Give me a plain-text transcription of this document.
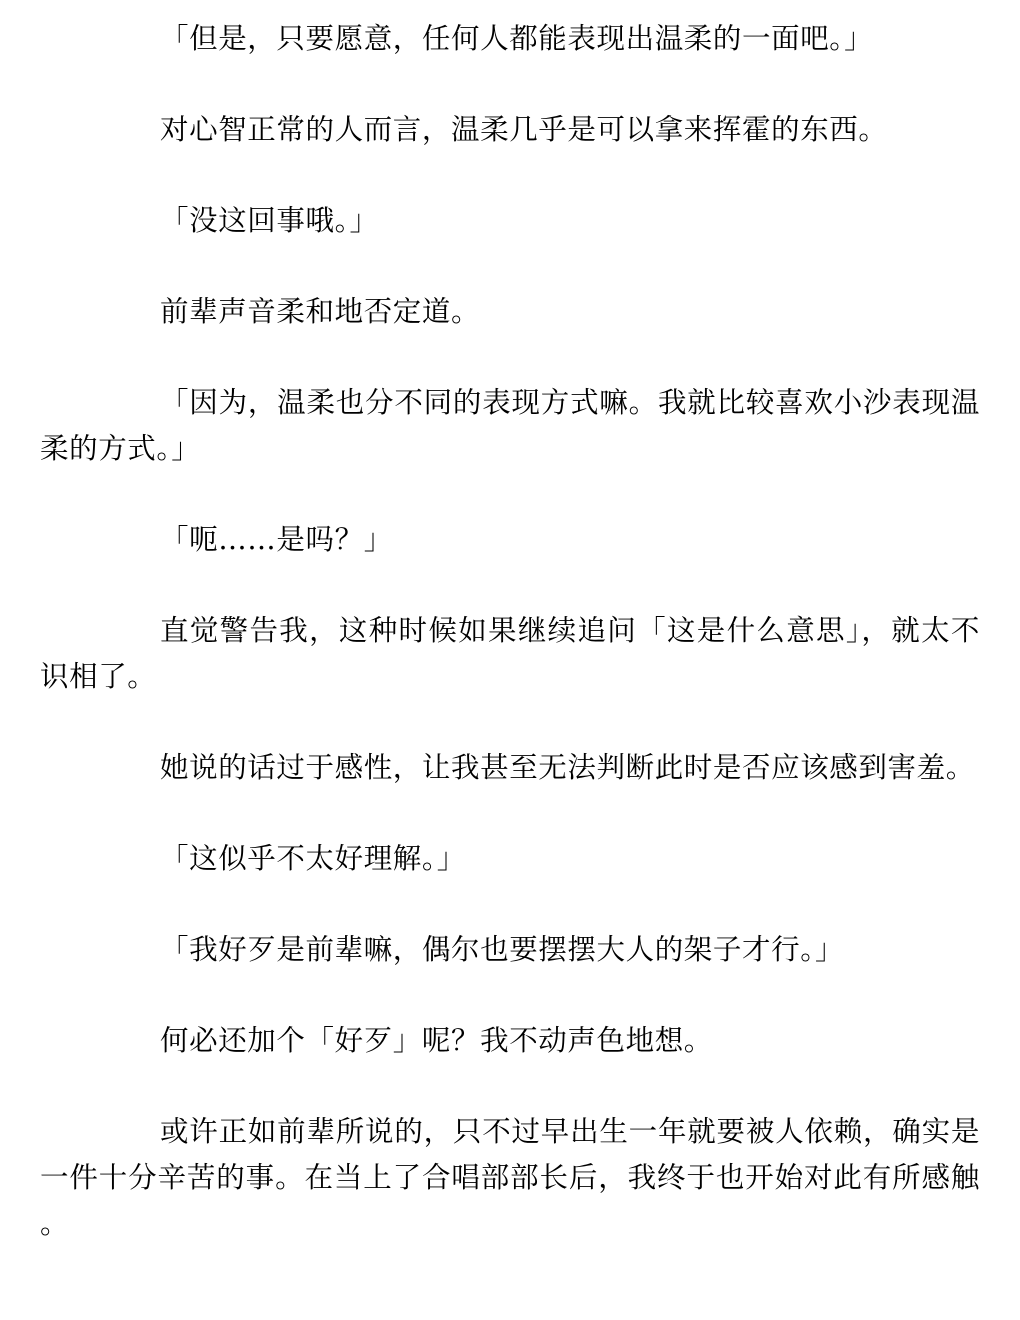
「但是，只要愿意，任何人都能表现出温柔的一面吧。」

对心智正常的人而言，温柔几乎是可以拿来挥霍的东西。

「没这回事哦。」

前辈声音柔和地否定道。

「因为，温柔也分不同的表现方式嘛。我就比较喜欢小沙表现温柔的方式。」

「呃……是吗？」

直觉警告我，这种时候如果继续追问「这是什么意思」，就太不识相了。

她说的话过于感性，让我甚至无法判断此时是否应该感到害羞。

「这似乎不太好理解。」

「我好歹是前辈嘛，偶尔也要摆摆大人的架子才行。」

何必还加个「好歹」呢？我不动声色地想。

或许正如前辈所说的，只不过早出生一年就要被人依赖，确实是一件十分辛苦的事。在当上了合唱部部长后，我终于也开始对此有所感触。
